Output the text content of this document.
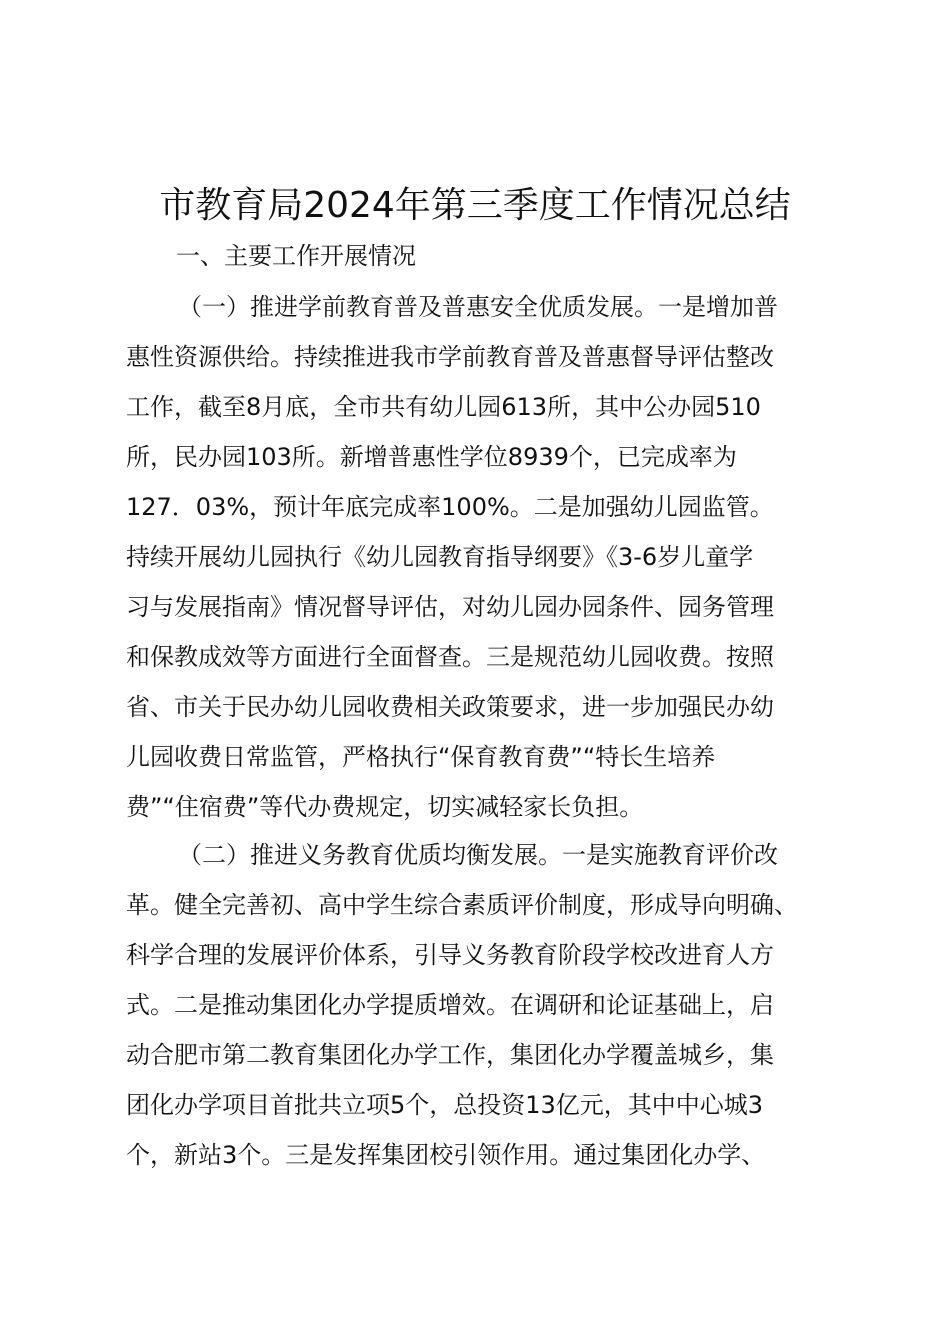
市教育局2024年第三季度工作情况总结
一、主要工作开展情况
（一）推进学前教育普及普惠安全优质发展。一是增加普
惠性资源供给。持续推进我市学前教育普及普惠督导评估整改
工作，截至8月底，全市共有幼儿园613所，其中公办园510
所，民办园103所。新增普惠性学位8939个，已完成率为
127．03%，预计年底完成率100%。二是加强幼儿园监管。
持续开展幼儿园执行《幼儿园教育指导纲要》《3-6岁儿童学
习与发展指南》情况督导评估，对幼儿园办园条件、园务管理
和保教成效等方面进行全面督查。三是规范幼儿园收费。按照
省、市关于民办幼儿园收费相关政策要求，进一步加强民办幼
儿园收费日常监管，严格执行“保育教育费”“特长生培养
费”“住宿费”等代办费规定，切实减轻家长负担。
（二）推进义务教育优质均衡发展。一是实施教育评价改
革。健全完善初、高中学生综合素质评价制度，形成导向明确、
科学合理的发展评价体系，引导义务教育阶段学校改进育人方
式。二是推动集团化办学提质增效。在调研和论证基础上，启
动合肥市第二教育集团化办学工作，集团化办学覆盖城乡，集
团化办学项目首批共立项5个，总投资13亿元，其中中心城3
个，新站3个。三是发挥集团校引领作用。通过集团化办学、
